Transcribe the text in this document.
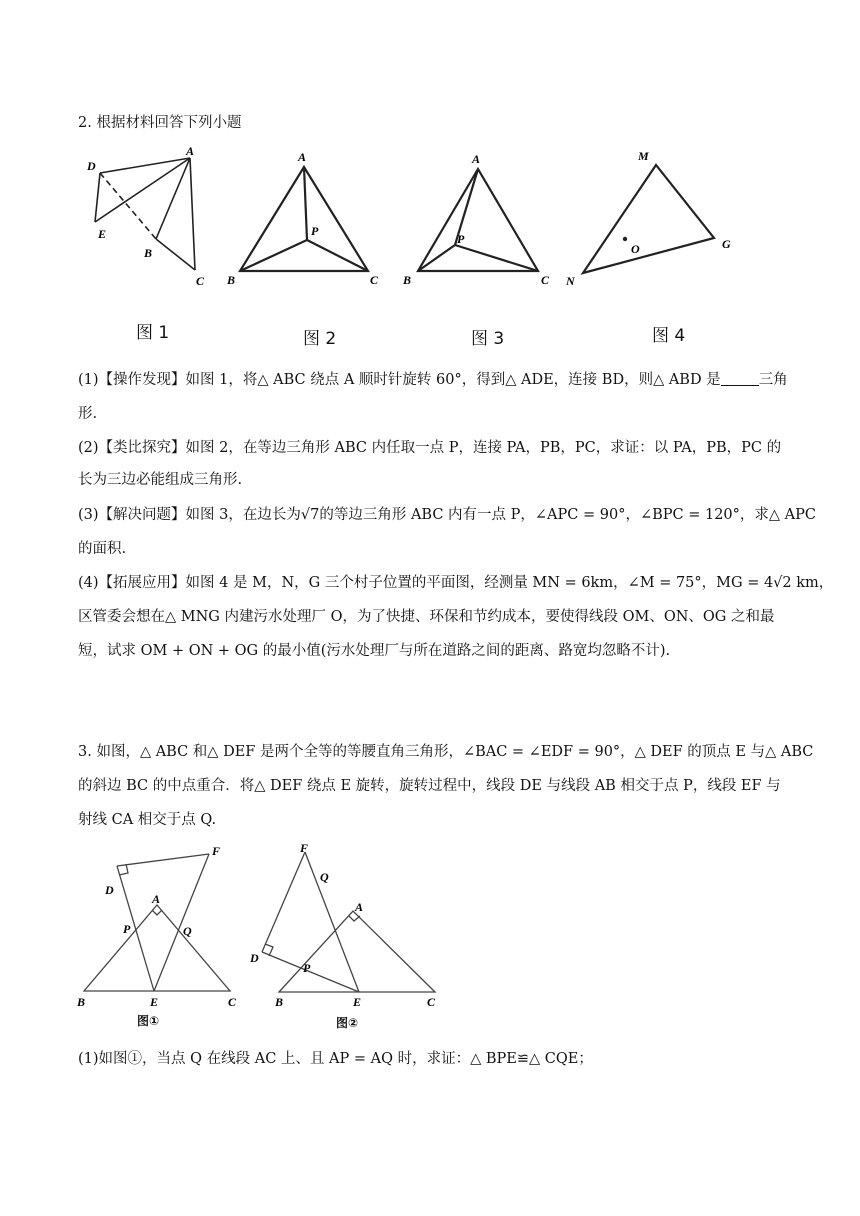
2. 根据材料回答下列小题
D
A
E
B
C
图 1
A
P
B	C
图 2
A
P
B	C
图 3
M
O	G
N
图 4
(1)【操作发现】如图 1，将△ ABC 绕点 A 顺时针旋转 60°，得到△ ADE，连接 BD，则△ ABD 是	三角
形.
(2)【类比探究】如图 2，在等边三角形 ABC 内任取一点 P，连接 PA，PB，PC，求证：以 PA，PB，PC 的
长为三边必能组成三角形.
(3)【解决问题】如图 3，在边长为√7的等边三角形 ABC 内有一点 P，∠APC = 90°，∠BPC = 120°，求△ APC
的面积.
(4)【拓展应用】如图 4 是 M，N，G 三个村子位置的平面图，经测量 MN = 6km，∠M = 75°，MG = 4√2 km，
区管委会想在△ MNG 内建污水处理厂 O，为了快捷、环保和节约成本，要使得线段 OM、ON、OG 之和最
短，试求 OM + ON + OG 的最小值(污水处理厂与所在道路之间的距离、路宽均忽略不计).
3. 如图，△ ABC 和△ DEF 是两个全等的等腰直角三角形，∠BAC = ∠EDF = 90°，△ DEF 的顶点 E 与△ ABC
的斜边 BC 的中点重合．将△ DEF 绕点 E 旋转，旋转过程中，线段 DE 与线段 AB 相交于点 P，线段 EF 与
射线 CA 相交于点 Q.
F
D
A
P	Q
B	E	C
图①
F
Q
A
D
P
B	E	C
图②
(1)如图①，当点 Q 在线段 AC 上、且 AP = AQ 时，求证：△ BPE≌△ CQE；
